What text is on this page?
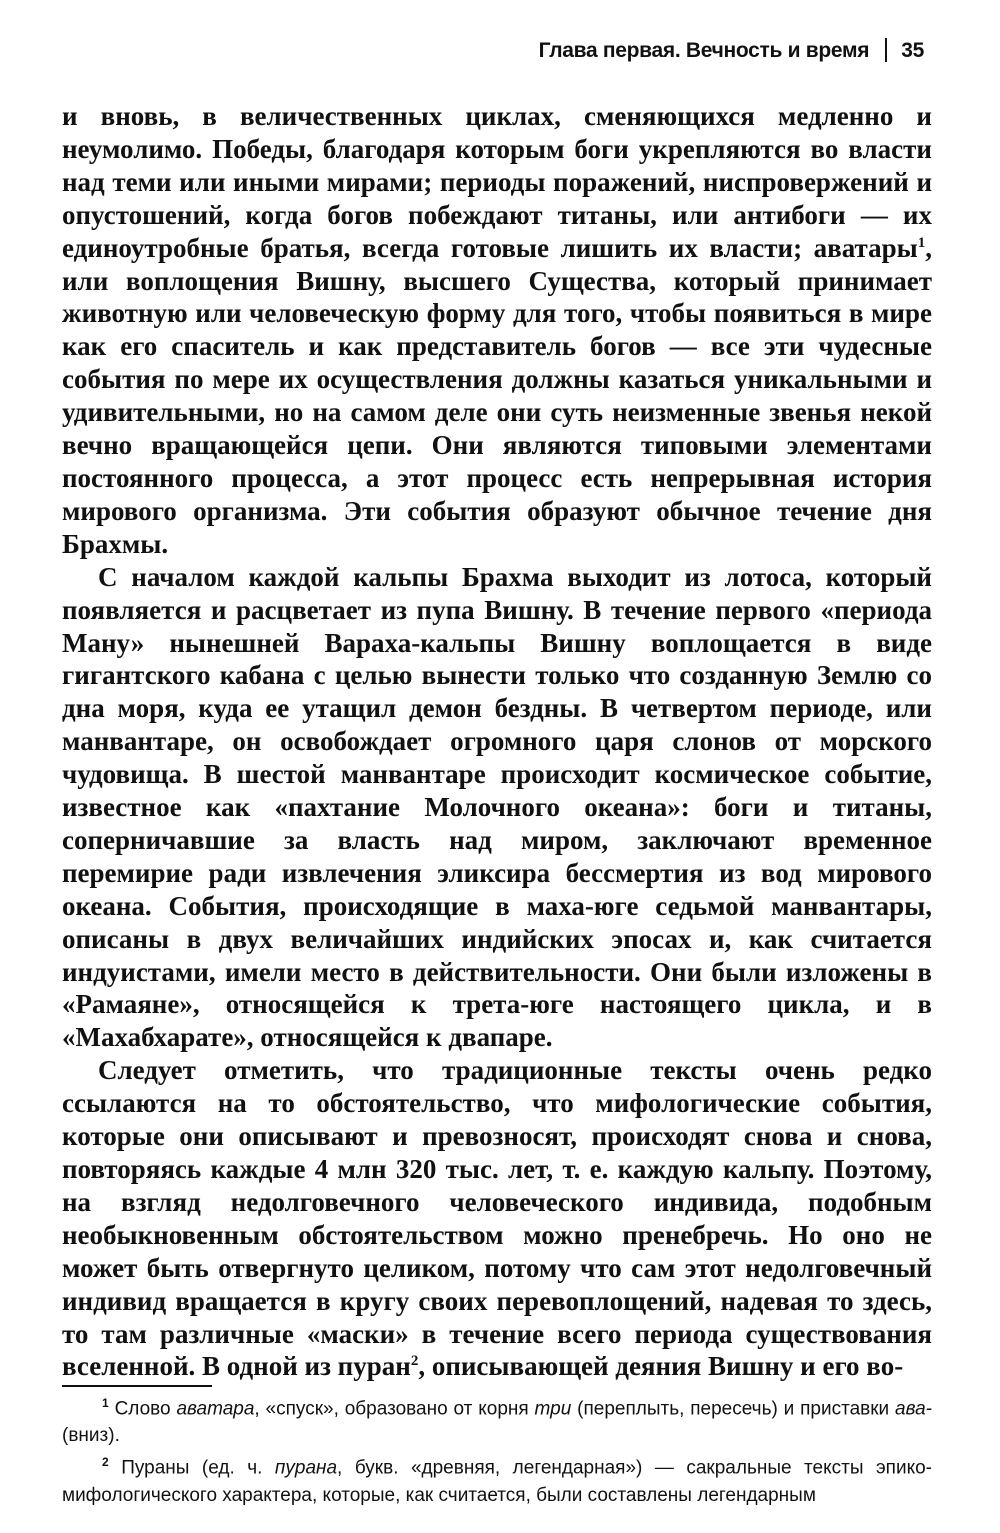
Глава первая. Вечность и время 35

и вновь, в величественных циклах, сменяющихся медленно и неумолимо. Победы, благодаря которым боги укрепляются во власти над теми или иными мирами; периоды поражений, ниспровержений и опустошений, когда богов побеждают титаны, или антибоги — их единоутробные братья, всегда готовые лишить их власти; аватары$^1$, или воплощения Вишну, высшего Существа, который принимает животную или человеческую форму для того, чтобы появиться в мире как его спаситель и как представитель богов — все эти чудесные события по мере их осуществления должны казаться уникальными и удивительными, но на самом деле они суть неизменные звенья некой вечно вращающейся цепи. Они являются типовыми элементами постоянного процесса, а этот процесс есть непрерывная история мирового организма. Эти события образуют обычное течение дня Брахмы.

С началом каждой кальпы Брахма выходит из лотоса, который появляется и расцветает из пупа Вишну. В течение первого «периода Ману» нынешней Вараха-кальпы Вишну воплощается в виде гигантского кабана с целью вынести только что созданную Землю со дна моря, куда ее утащил демон бездны. В четвертом периоде, или манвантаре, он освобождает огромного царя слонов от морского чудовища. В шестой манвантаре происходит космическое событие, известное как «пахтание Молочного океана»: боги и титаны, соперничавшие за власть над миром, заключают временное перемирие ради извлечения эликсира бессмертия из вод мирового океана. События, происходящие в маха-юге седьмой манвантары, описаны в двух величайших индийских эпосах и, как считается индуистами, имели место в действительности. Они были изложены в «Рамаяне», относящейся к трета-юге настоящего цикла, и в «Махабхарате», относящейся к двапаре.

Следует отметить, что традиционные тексты очень редко ссылаются на то обстоятельство, что мифологические события, которые они описывают и превозносят, происходят снова и снова, повторяясь каждые 4 млн 320 тыс. лет, т. е. каждую кальпу. Поэтому, на взгляд недолговечного человеческого индивида, подобным необыкновенным обстоятельством можно пренебречь. Но оно не может быть отвергнуто целиком, потому что сам этот недолговечный индивид вращается в кругу своих перевоплощений, надевая то здесь, то там различные «маски» в течение всего периода существования вселенной. В одной из пуран$^2$, описывающей деяния Вишну и его во-

$^1$ Слово аватара, «спуск», образовано от корня три (переплыть, пересечь) и приставки ава- (вниз).

$^2$ Пураны (ед. ч. пурана, букв. «древняя, легендарная») — сакральные тексты эпико-мифологического характера, которые, как считается, были составлены легендарным
